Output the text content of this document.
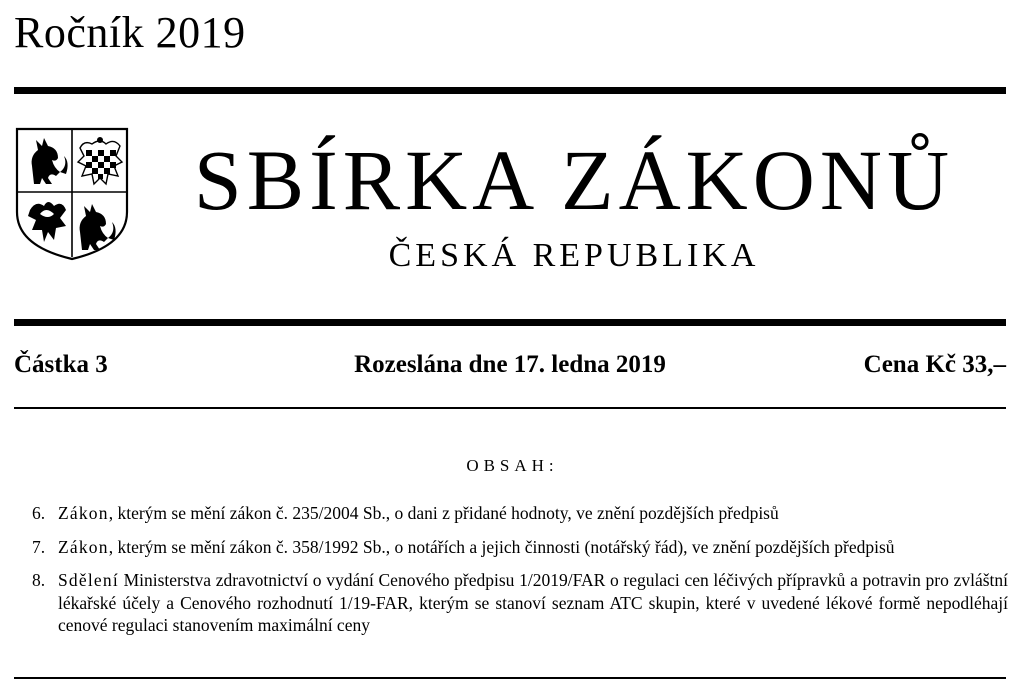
Ročník 2019
SBÍRKA ZÁKONŮ
ČESKÁ REPUBLIKA
Rozeslána dne 17. ledna 2019
Částka 3	Cena Kč 33,–
OBSAH:
6. Zákon, kterým se mění zákon č. 235/2004 Sb., o dani z přidané hodnoty, ve znění pozdějších předpisů
7. Zákon, kterým se mění zákon č. 358/1992 Sb., o notářích a jejich činnosti (notářský řád), ve znění pozdějších předpisů
8. Sdělení Ministerstva zdravotnictví o vydání Cenového předpisu 1/2019/FAR o regulaci cen léčivých přípravků a potravin pro zvláštní lékařské účely a Cenového rozhodnutí 1/19-FAR, kterým se stanoví seznam ATC skupin, které v uvedené lékové formě nepodléhají cenové regulaci stanovením maximální ceny
